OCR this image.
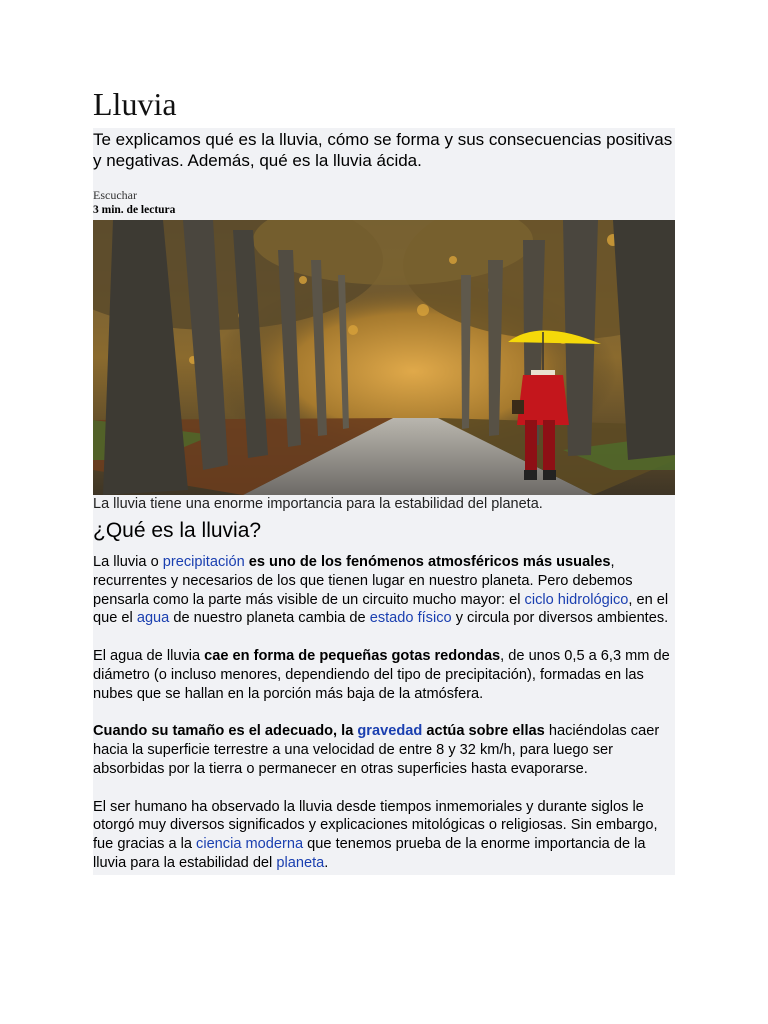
Lluvia

Te explicamos qué es la lluvia, cómo se forma y sus consecuencias positivas y negativas. Además, qué es la lluvia ácida.

Escuchar
3 min. de lectura

La lluvia tiene una enorme importancia para la estabilidad del planeta.

¿Qué es la lluvia?

La lluvia o precipitación es uno de los fenómenos atmosféricos más usuales, recurrentes y necesarios de los que tienen lugar en nuestro planeta. Pero debemos pensarla como la parte más visible de un circuito mucho mayor: el ciclo hidrológico, en el que el agua de nuestro planeta cambia de estado físico y circula por diversos ambientes.

El agua de lluvia cae en forma de pequeñas gotas redondas, de unos 0,5 a 6,3 mm de diámetro (o incluso menores, dependiendo del tipo de precipitación), formadas en las nubes que se hallan en la porción más baja de la atmósfera.

Cuando su tamaño es el adecuado, la gravedad actúa sobre ellas haciéndolas caer hacia la superficie terrestre a una velocidad de entre 8 y 32 km/h, para luego ser absorbidas por la tierra o permanecer en otras superficies hasta evaporarse.

El ser humano ha observado la lluvia desde tiempos inmemoriales y durante siglos le otorgó muy diversos significados y explicaciones mitológicas o religiosas. Sin embargo, fue gracias a la ciencia moderna que tenemos prueba de la enorme importancia de la lluvia para la estabilidad del planeta.
